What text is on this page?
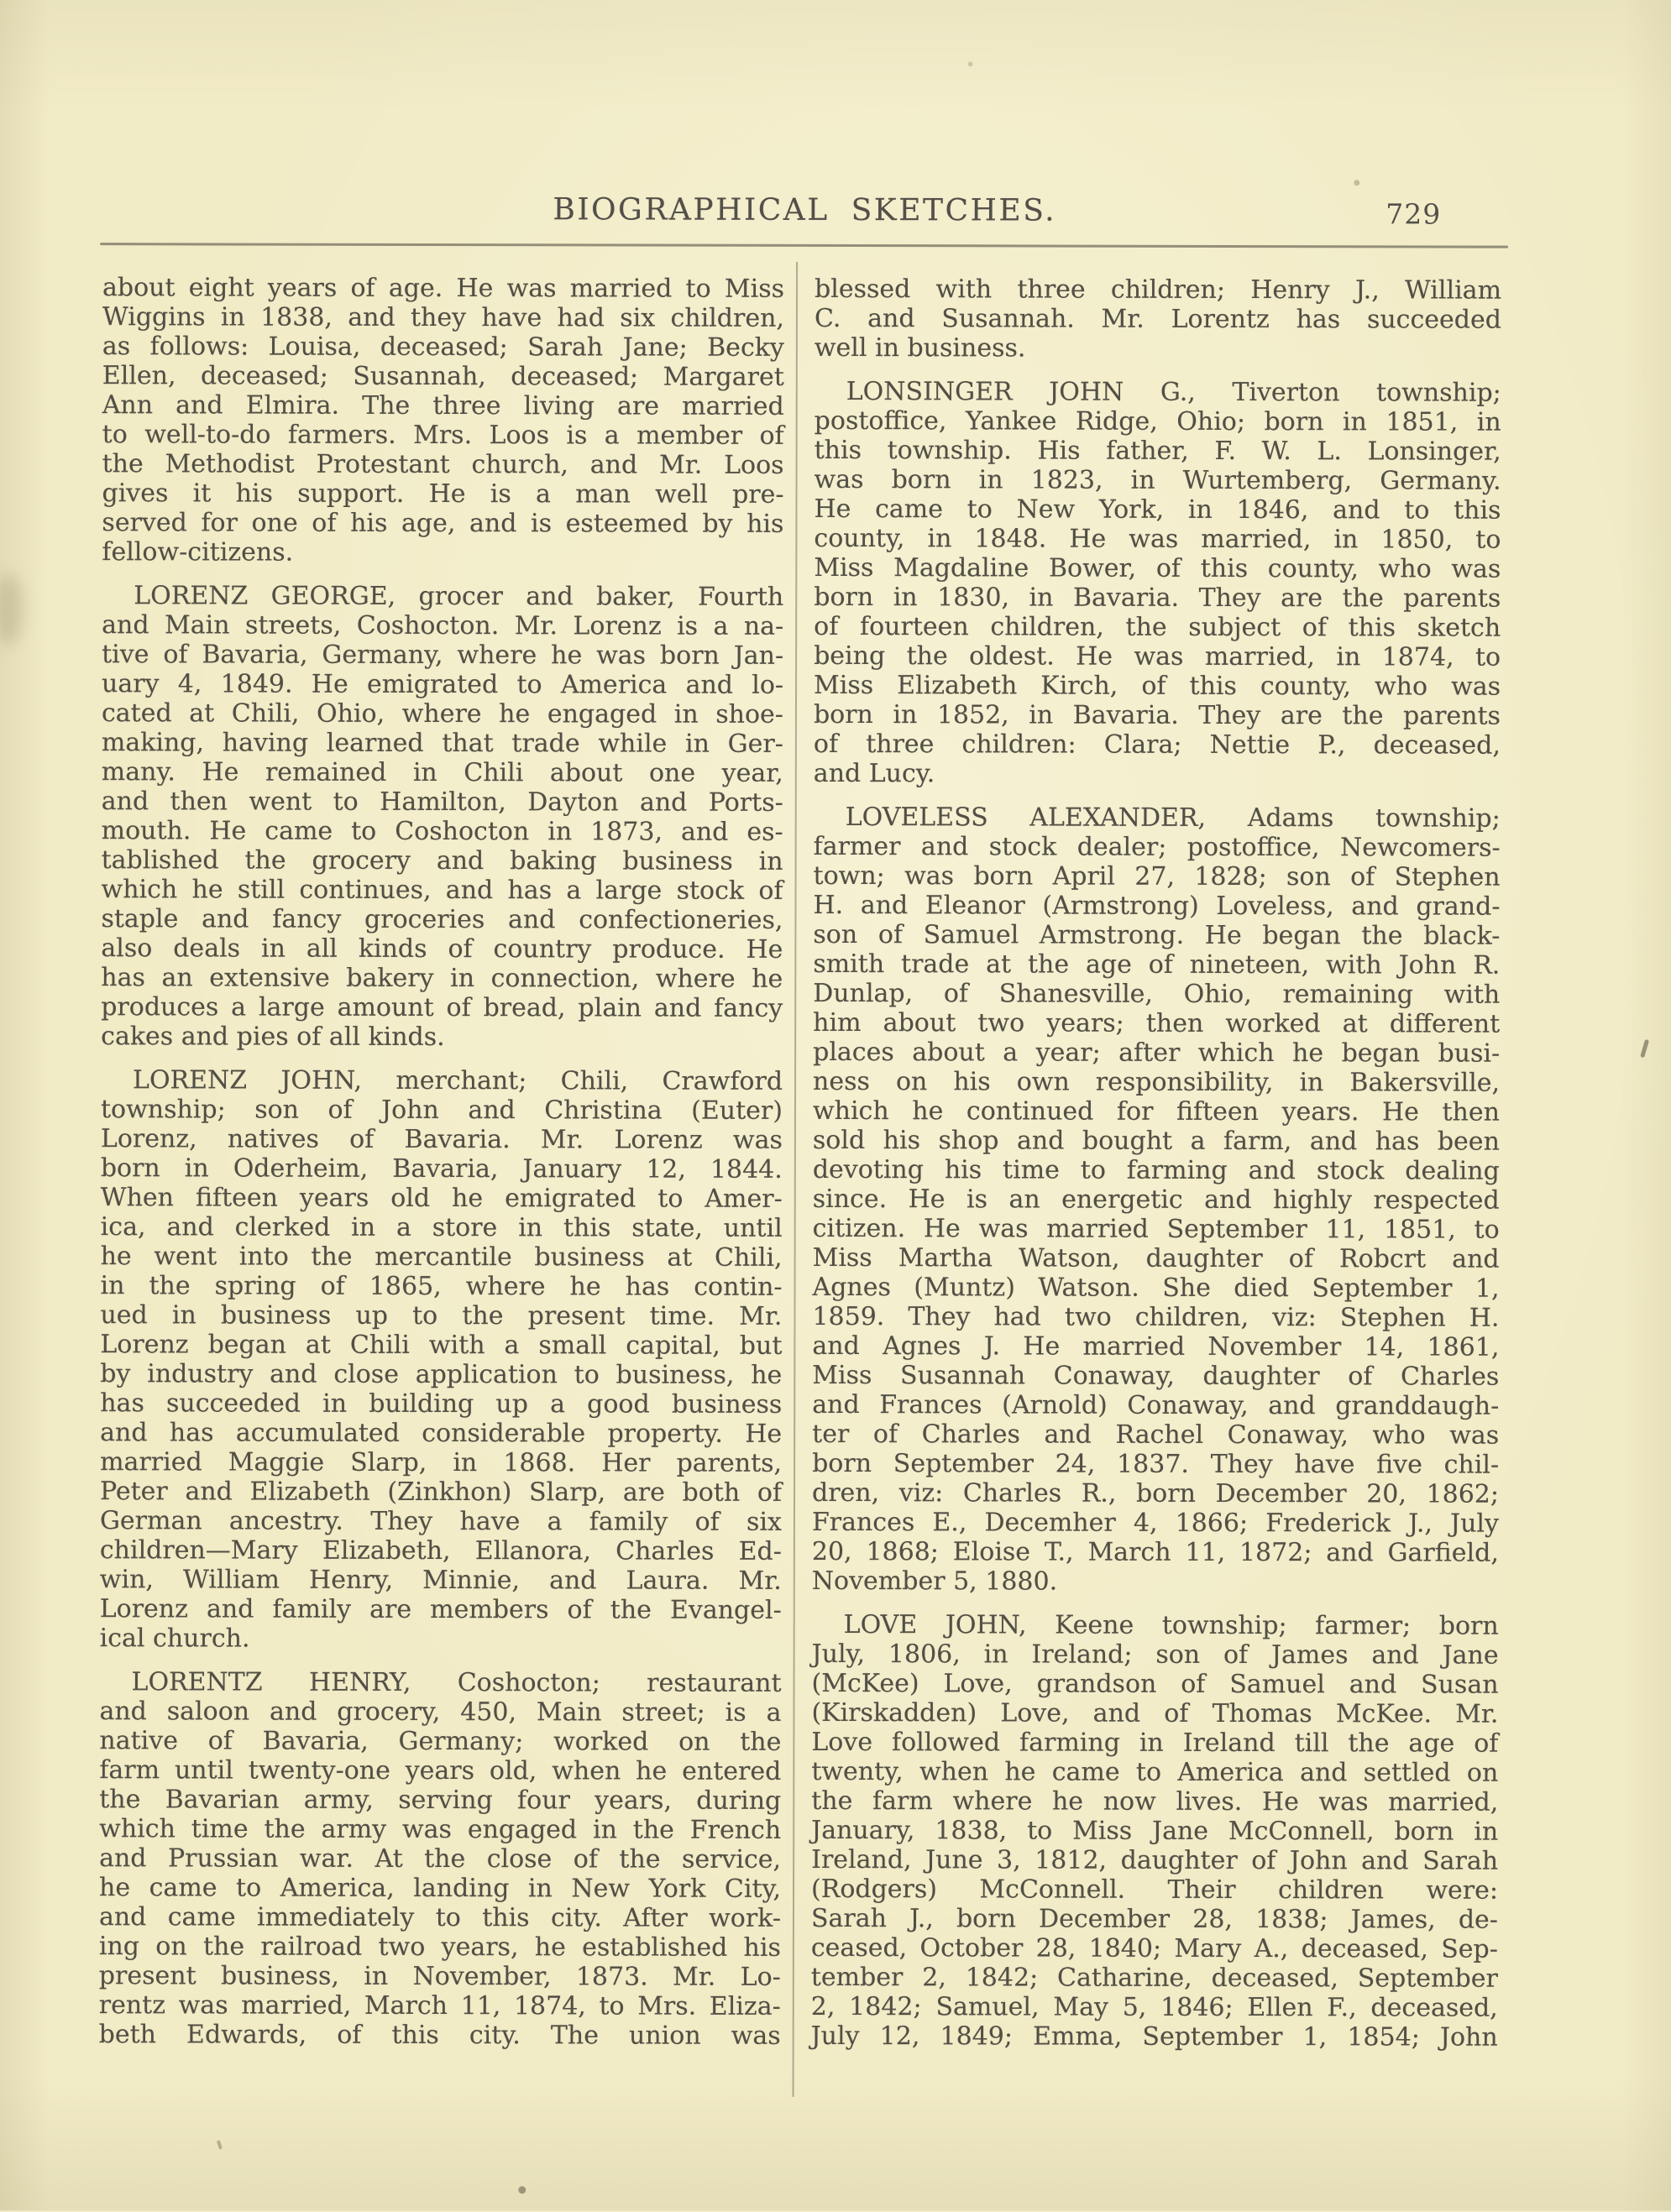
BIOGRAPHICAL SKETCHES.	729

about eight years of age. He was married to Miss
Wiggins in 1838, and they have had six children,
as follows: Louisa, deceased; Sarah Jane; Becky
Ellen, deceased; Susannah, deceased; Margaret
Ann and Elmira. The three living are married
to well-to-do farmers. Mrs. Loos is a member of
the Methodist Protestant church, and Mr. Loos
gives it his support. He is a man well pre-
served for one of his age, and is esteemed by his
fellow-citizens.

LORENZ GEORGE, grocer and baker, Fourth
and Main streets, Coshocton. Mr. Lorenz is a na-
tive of Bavaria, Germany, where he was born Jan-
uary 4, 1849. He emigrated to America and lo-
cated at Chili, Ohio, where he engaged in shoe-
making, having learned that trade while in Ger-
many. He remained in Chili about one year,
and then went to Hamilton, Dayton and Ports-
mouth. He came to Coshocton in 1873, and es-
tablished the grocery and baking business in
which he still continues, and has a large stock of
staple and fancy groceries and confectioneries,
also deals in all kinds of country produce. He
has an extensive bakery in connection, where he
produces a large amount of bread, plain and fancy
cakes and pies of all kinds.

LORENZ JOHN, merchant; Chili, Crawford
township; son of John and Christina (Euter)
Lorenz, natives of Bavaria. Mr. Lorenz was
born in Oderheim, Bavaria, January 12, 1844.
When fifteen years old he emigrated to Amer-
ica, and clerked in a store in this state, until
he went into the mercantile business at Chili,
in the spring of 1865, where he has contin-
ued in business up to the present time. Mr.
Lorenz began at Chili with a small capital, but
by industry and close application to business, he
has succeeded in building up a good business
and has accumulated considerable property. He
married Maggie Slarp, in 1868. Her parents,
Peter and Elizabeth (Zinkhon) Slarp, are both of
German ancestry. They have a family of six
children—Mary Elizabeth, Ellanora, Charles Ed-
win, William Henry, Minnie, and Laura. Mr.
Lorenz and family are members of the Evangel-
ical church.

LORENTZ HENRY, Coshocton; restaurant
and saloon and grocery, 450, Main street; is a
native of Bavaria, Germany; worked on the
farm until twenty-one years old, when he entered
the Bavarian army, serving four years, during
which time the army was engaged in the French
and Prussian war. At the close of the service,
he came to America, landing in New York City,
and came immediately to this city. After work-
ing on the railroad two years, he established his
present business, in November, 1873. Mr. Lo-
rentz was married, March 11, 1874, to Mrs. Eliza-
beth Edwards, of this city. The union was

blessed with three children; Henry J., William
C. and Susannah. Mr. Lorentz has succeeded
well in business.

LONSINGER JOHN G., Tiverton township;
postoffice, Yankee Ridge, Ohio; born in 1851, in
this township. His father, F. W. L. Lonsinger,
was born in 1823, in Wurtemberg, Germany.
He came to New York, in 1846, and to this
county, in 1848. He was married, in 1850, to
Miss Magdaline Bower, of this county, who was
born in 1830, in Bavaria. They are the parents
of fourteen children, the subject of this sketch
being the oldest. He was married, in 1874, to
Miss Elizabeth Kirch, of this county, who was
born in 1852, in Bavaria. They are the parents
of three children: Clara; Nettie P., deceased,
and Lucy.

LOVELESS ALEXANDER, Adams township;
farmer and stock dealer; postoffice, Newcomers-
town; was born April 27, 1828; son of Stephen
H. and Eleanor (Armstrong) Loveless, and grand-
son of Samuel Armstrong. He began the black-
smith trade at the age of nineteen, with John R.
Dunlap, of Shanesville, Ohio, remaining with
him about two years; then worked at different
places about a year; after which he began busi-
ness on his own responsibility, in Bakersville,
which he continued for fifteen years. He then
sold his shop and bought a farm, and has been
devoting his time to farming and stock dealing
since. He is an energetic and highly respected
citizen. He was married September 11, 1851, to
Miss Martha Watson, daughter of Robcrt and
Agnes (Muntz) Watson. She died September 1,
1859. They had two children, viz: Stephen H.
and Agnes J. He married November 14, 1861,
Miss Susannah Conaway, daughter of Charles
and Frances (Arnold) Conaway, and granddaugh-
ter of Charles and Rachel Conaway, who was
born September 24, 1837. They have five chil-
dren, viz: Charles R., born December 20, 1862;
Frances E., Decemher 4, 1866; Frederick J., July
20, 1868; Eloise T., March 11, 1872; and Garfield,
November 5, 1880.

LOVE JOHN, Keene township; farmer; born
July, 1806, in Ireland; son of James and Jane
(McKee) Love, grandson of Samuel and Susan
(Kirskadden) Love, and of Thomas McKee. Mr.
Love followed farming in Ireland till the age of
twenty, when he came to America and settled on
the farm where he now lives. He was married,
January, 1838, to Miss Jane McConnell, born in
Ireland, June 3, 1812, daughter of John and Sarah
(Rodgers) McConnell. Their children were:
Sarah J., born December 28, 1838; James, de-
ceased, October 28, 1840; Mary A., deceased, Sep-
tember 2, 1842; Catharine, deceased, September
2, 1842; Samuel, May 5, 1846; Ellen F., deceased,
July 12, 1849; Emma, September 1, 1854; John
